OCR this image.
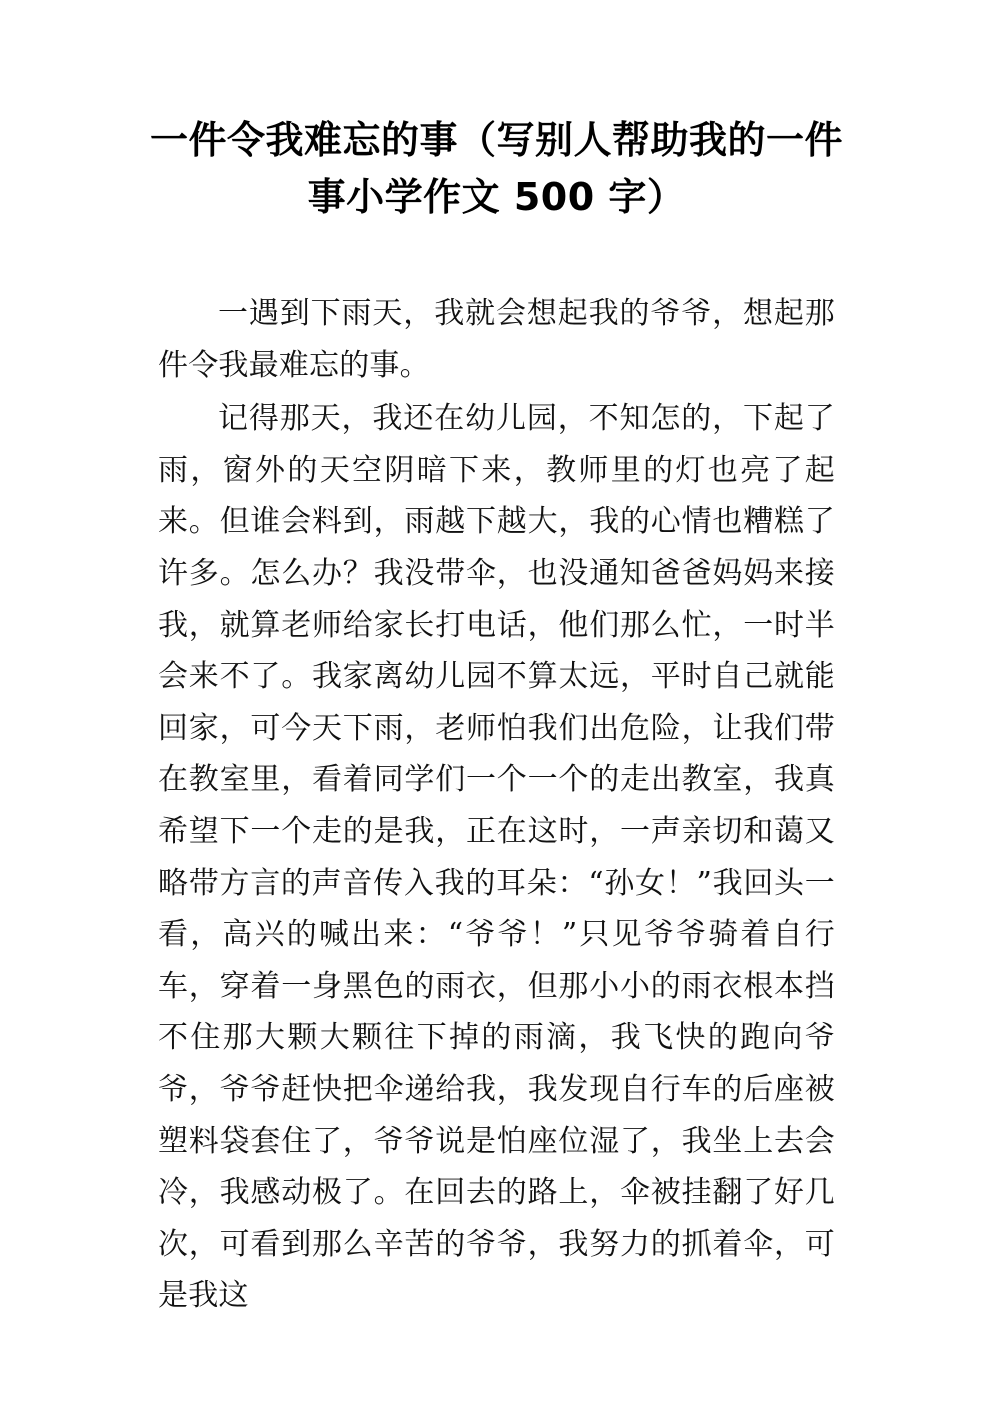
一件令我难忘的事（写别人帮助我的一件事小学作文 500 字）

一遇到下雨天，我就会想起我的爷爷，想起那件令我最难忘的事。

记得那天，我还在幼儿园，不知怎的，下起了雨，窗外的天空阴暗下来，教师里的灯也亮了起来。但谁会料到，雨越下越大，我的心情也糟糕了许多。怎么办？我没带伞，也没通知爸爸妈妈来接我，就算老师给家长打电话，他们那么忙，一时半会来不了。我家离幼儿园不算太远，平时自己就能回家，可今天下雨，老师怕我们出危险，让我们带在教室里，看着同学们一个一个的走出教室，我真希望下一个走的是我，正在这时，一声亲切和蔼又略带方言的声音传入我的耳朵：“孙女！”我回头一看，高兴的喊出来：“爷爷！”只见爷爷骑着自行车，穿着一身黑色的雨衣，但那小小的雨衣根本挡不住那大颗大颗往下掉的雨滴，我飞快的跑向爷爷，爷爷赶快把伞递给我，我发现自行车的后座被塑料袋套住了，爷爷说是怕座位湿了，我坐上去会冷，我感动极了。在回去的路上，伞被挂翻了好几次，可看到那么辛苦的爷爷，我努力的抓着伞，可是我这
